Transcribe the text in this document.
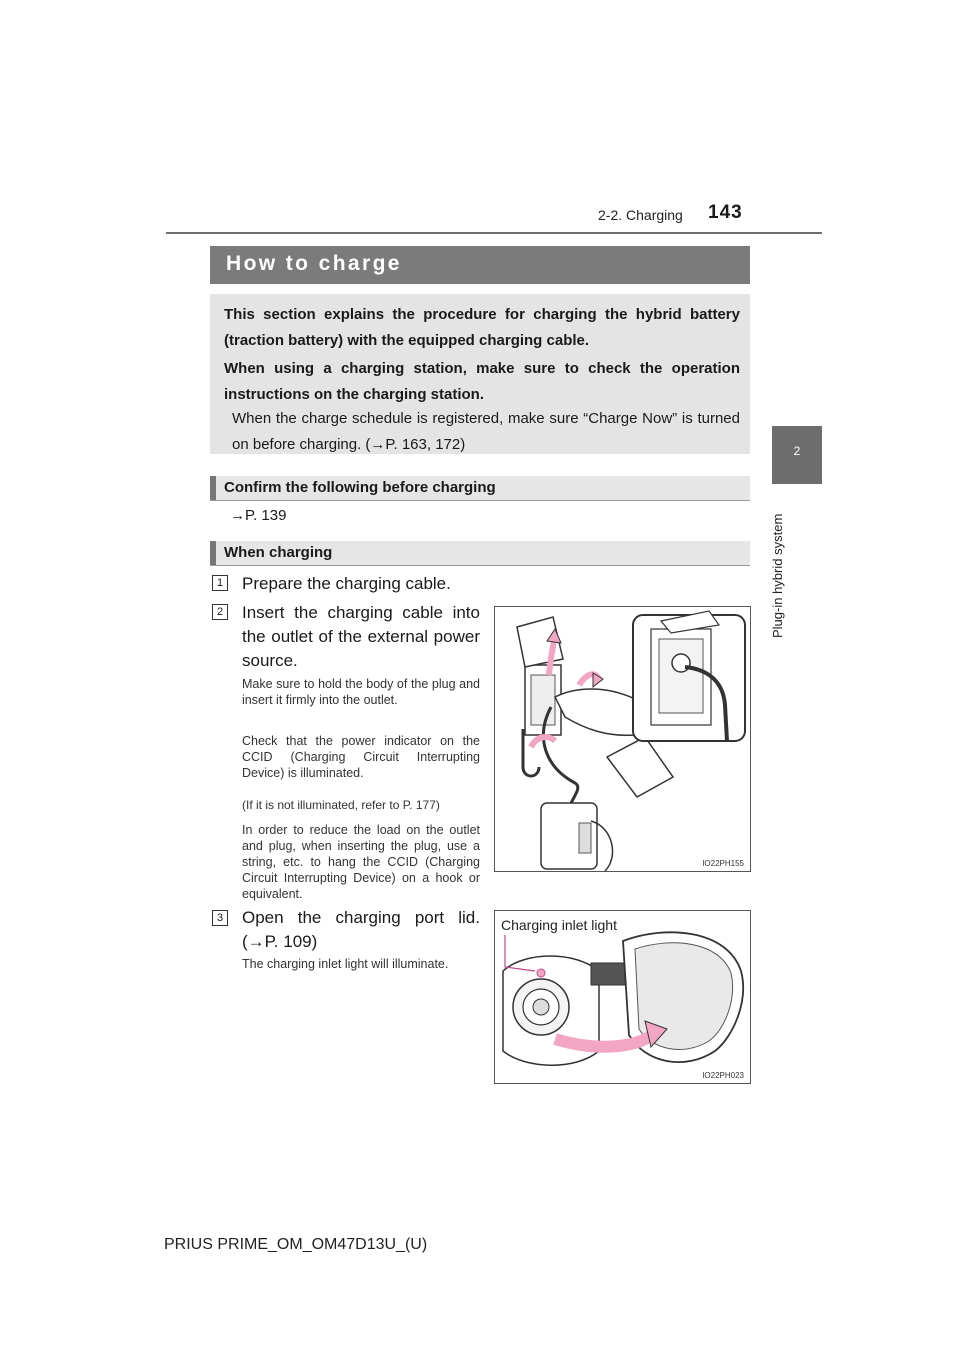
2-2. Charging 143
2
Plug-in hybrid system
How to charge
This section explains the procedure for charging the hybrid battery (traction battery) with the equipped charging cable.
When using a charging station, make sure to check the operation instructions on the charging station.
When the charge schedule is registered, make sure “Charge Now” is turned on before charging. (→P. 163, 172)
Confirm the following before charging
→P. 139
When charging
1 Prepare the charging cable.
2 Insert the charging cable into the outlet of the external power source.
Make sure to hold the body of the plug and insert it firmly into the outlet.
Check that the power indicator on the CCID (Charging Circuit Interrupting Device) is illuminated.
(If it is not illuminated, refer to P. 177)
In order to reduce the load on the outlet and plug, when inserting the plug, use a string, etc. to hang the CCID (Charging Circuit Interrupting Device) on a hook or equivalent.
IO22PH155
3 Open the charging port lid. (→P. 109)
The charging inlet light will illuminate.
Charging inlet light
IO22PH023
PRIUS PRIME_OM_OM47D13U_(U)
